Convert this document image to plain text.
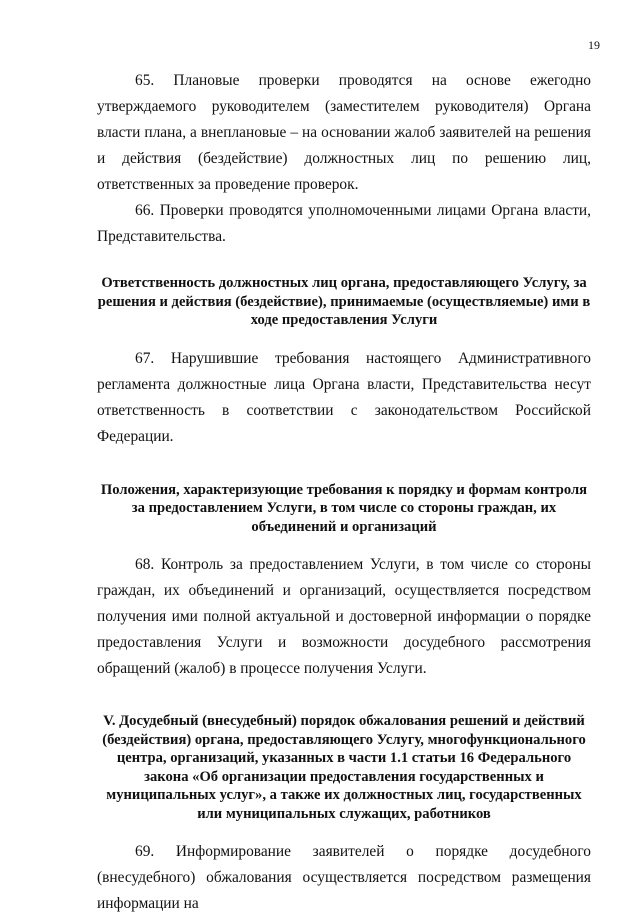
19

65. Плановые проверки проводятся на основе ежегодно утверждаемого руководителем (заместителем руководителя) Органа власти плана, а внеплановые – на основании жалоб заявителей на решения и действия (бездействие) должностных лиц по решению лиц, ответственных за проведение проверок.

66. Проверки проводятся уполномоченными лицами Органа власти, Представительства.

Ответственность должностных лиц органа, предоставляющего Услугу, за решения и действия (бездействие), принимаемые (осуществляемые) ими в ходе предоставления Услуги

67. Нарушившие требования настоящего Административного регламента должностные лица Органа власти, Представительства несут ответственность в соответствии с законодательством Российской Федерации.

Положения, характеризующие требования к порядку и формам контроля за предоставлением Услуги, в том числе со стороны граждан, их объединений и организаций

68. Контроль за предоставлением Услуги, в том числе со стороны граждан, их объединений и организаций, осуществляется посредством получения ими полной актуальной и достоверной информации о порядке предоставления Услуги и возможности досудебного рассмотрения обращений (жалоб) в процессе получения Услуги.

V. Досудебный (внесудебный) порядок обжалования решений и действий (бездействия) органа, предоставляющего Услугу, многофункционального центра, организаций, указанных в части 1.1 статьи 16 Федерального закона «Об организации предоставления государственных и муниципальных услуг», а также их должностных лиц, государственных или муниципальных служащих, работников

69. Информирование заявителей о порядке досудебного (внесудебного) обжалования осуществляется посредством размещения информации на
